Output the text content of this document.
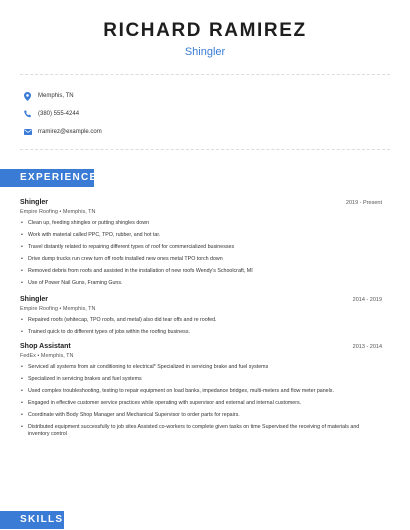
RICHARD RAMIREZ
Shingler
Memphis, TN
(380) 555-4244
rramirez@example.com
EXPERIENCE
Shingler	2019 - Present
Empire Roofing • Memphis, TN
• Clean up, feeding shingles or putting shingles down
• Work with material called PPC, TPO, rubber, and hot tar.
• Travel distantly related to repairing different types of roof for commercialized businesses
• Drive dump trucks run crew turn off roofs installed new ones metal TPO torch down
• Removed debris from roofs and assisted in the installation of new roofs Wendy's Schoolcraft, MI
• Use of Power Nail Guns, Framing Guns.
Shingler	2014 - 2019
Empire Roofing • Memphis, TN
• Repaired roofs (whitecap, TPO roofs, and metal) also did tear offs and re roofed.
• Trained quick to do different types of jobs within the roofing business.
Shop Assistant	2013 - 2014
FedEx • Memphis, TN
• Serviced all systems from air conditioning to electrical* Specialized in servicing brake and fuel systems
• Specialized in servicing brakes and fuel systems
• Used complex troubleshooting, testing to repair equipment on load banks, impedance bridges, multi-meters and flow meter panels.
• Engaged in effective customer service practices while operating with supervisor and external and internal customers.
• Coordinate with Body Shop Manager and Mechanical Supervisor to order parts for repairs.
• Distributed equipment successfully to job sites Assisted co-workers to complete given tasks on time Supervised the receiving of materials and inventory control
SKILLS
